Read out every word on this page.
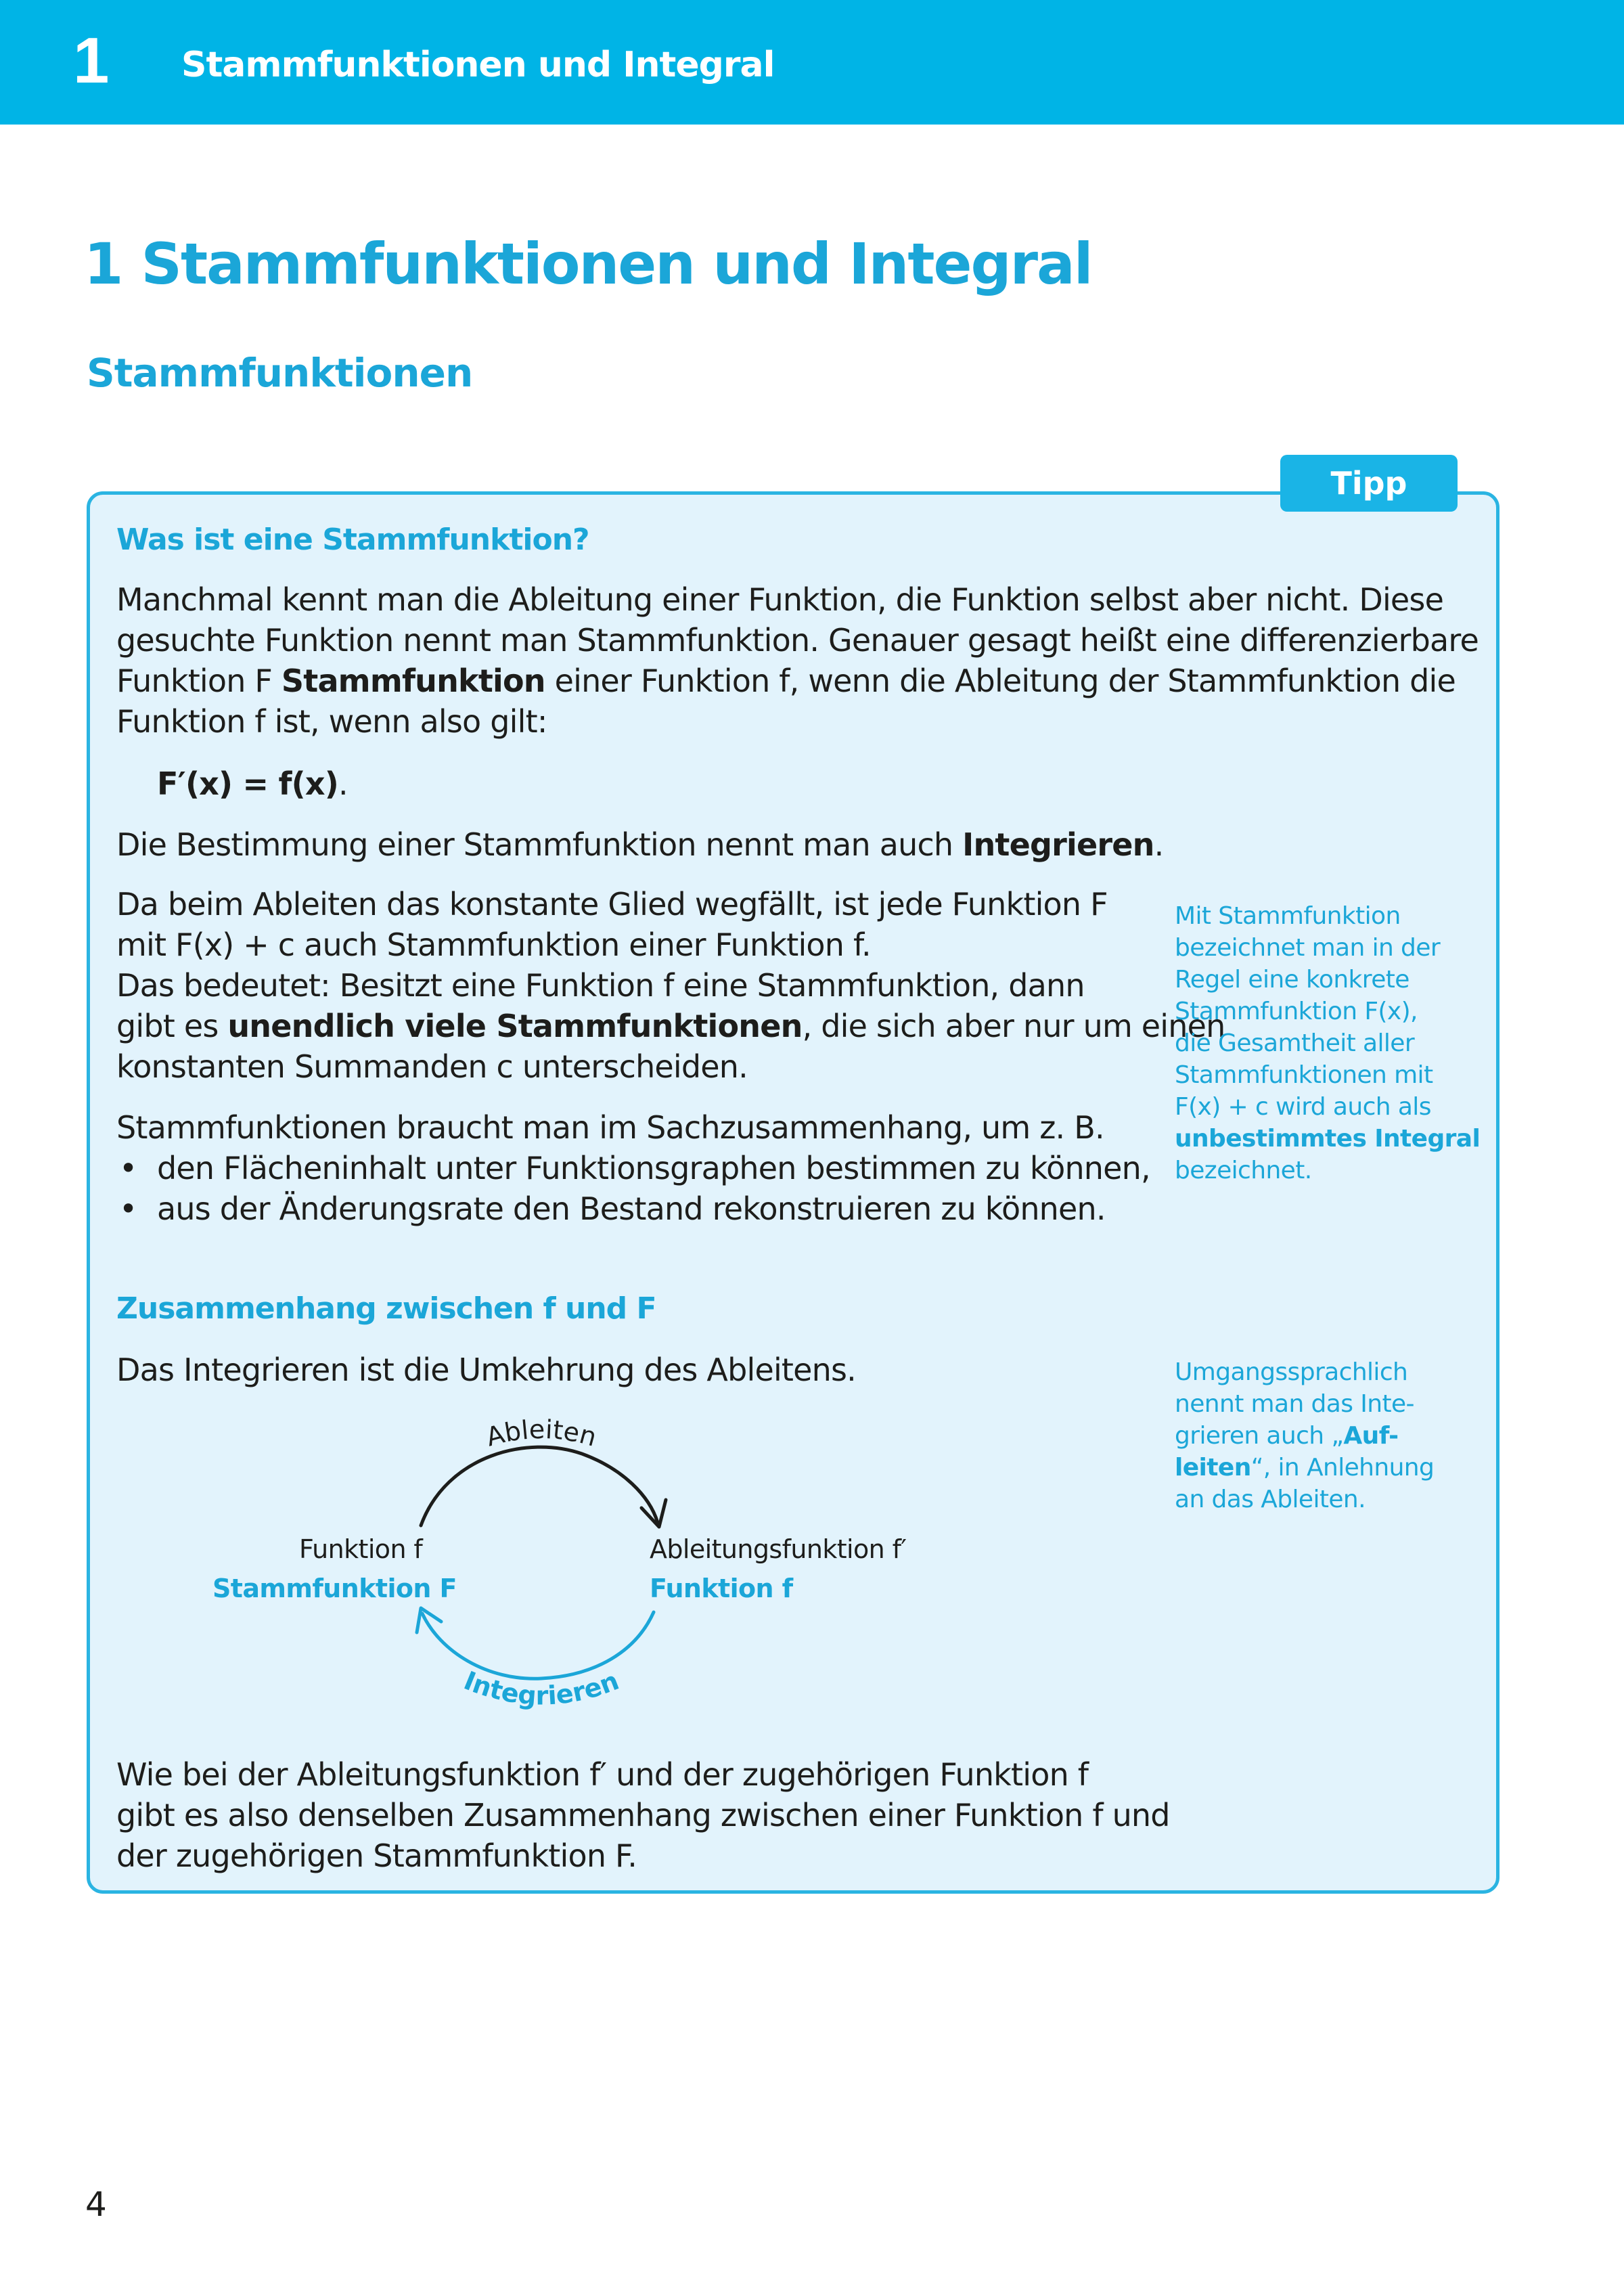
1 Stammfunktionen und Integral
1 Stammfunktionen und Integral
Stammfunktionen
Tipp
Was ist eine Stammfunktion?
Manchmal kennt man die Ableitung einer Funktion, die Funktion selbst aber nicht. Diese
gesuchte Funktion nennt man Stammfunktion. Genauer gesagt heißt eine differenzierbare
Funktion F Stammfunktion einer Funktion f, wenn die Ableitung der Stammfunktion die
Funktion f ist, wenn also gilt:
F′(x) = f(x).
Die Bestimmung einer Stammfunktion nennt man auch Integrieren.
Da beim Ableiten das konstante Glied wegfällt, ist jede Funktion F
mit F(x) + c auch Stammfunktion einer Funktion f.
Das bedeutet: Besitzt eine Funktion f eine Stammfunktion, dann
gibt es unendlich viele Stammfunktionen, die sich aber nur um einen
konstanten Summanden c unterscheiden.
Stammfunktionen braucht man im Sachzusammenhang, um z. B.
• den Flächeninhalt unter Funktionsgraphen bestimmen zu können,
• aus der Änderungsrate den Bestand rekonstruieren zu können.
Mit Stammfunktion
bezeichnet man in der
Regel eine konkrete
Stammfunktion F(x),
die Gesamtheit aller
Stammfunktionen mit
F(x) + c wird auch als
unbestimmtes Integral
bezeichnet.
Zusammenhang zwischen f und F
Das Integrieren ist die Umkehrung des Ableitens.	Umgangssprachlich
nennt man das Inte-
grieren auch „Auf-
leiten“, in Anlehnung
an das Ableiten.
Ableiten
Integrieren
Funktion f
Stammfunktion F
Ableitungsfunktion f′
Funktion f
Wie bei der Ableitungsfunktion f′ und der zugehörigen Funktion f
gibt es also denselben Zusammenhang zwischen einer Funktion f und
der zugehörigen Stammfunktion F.
4
